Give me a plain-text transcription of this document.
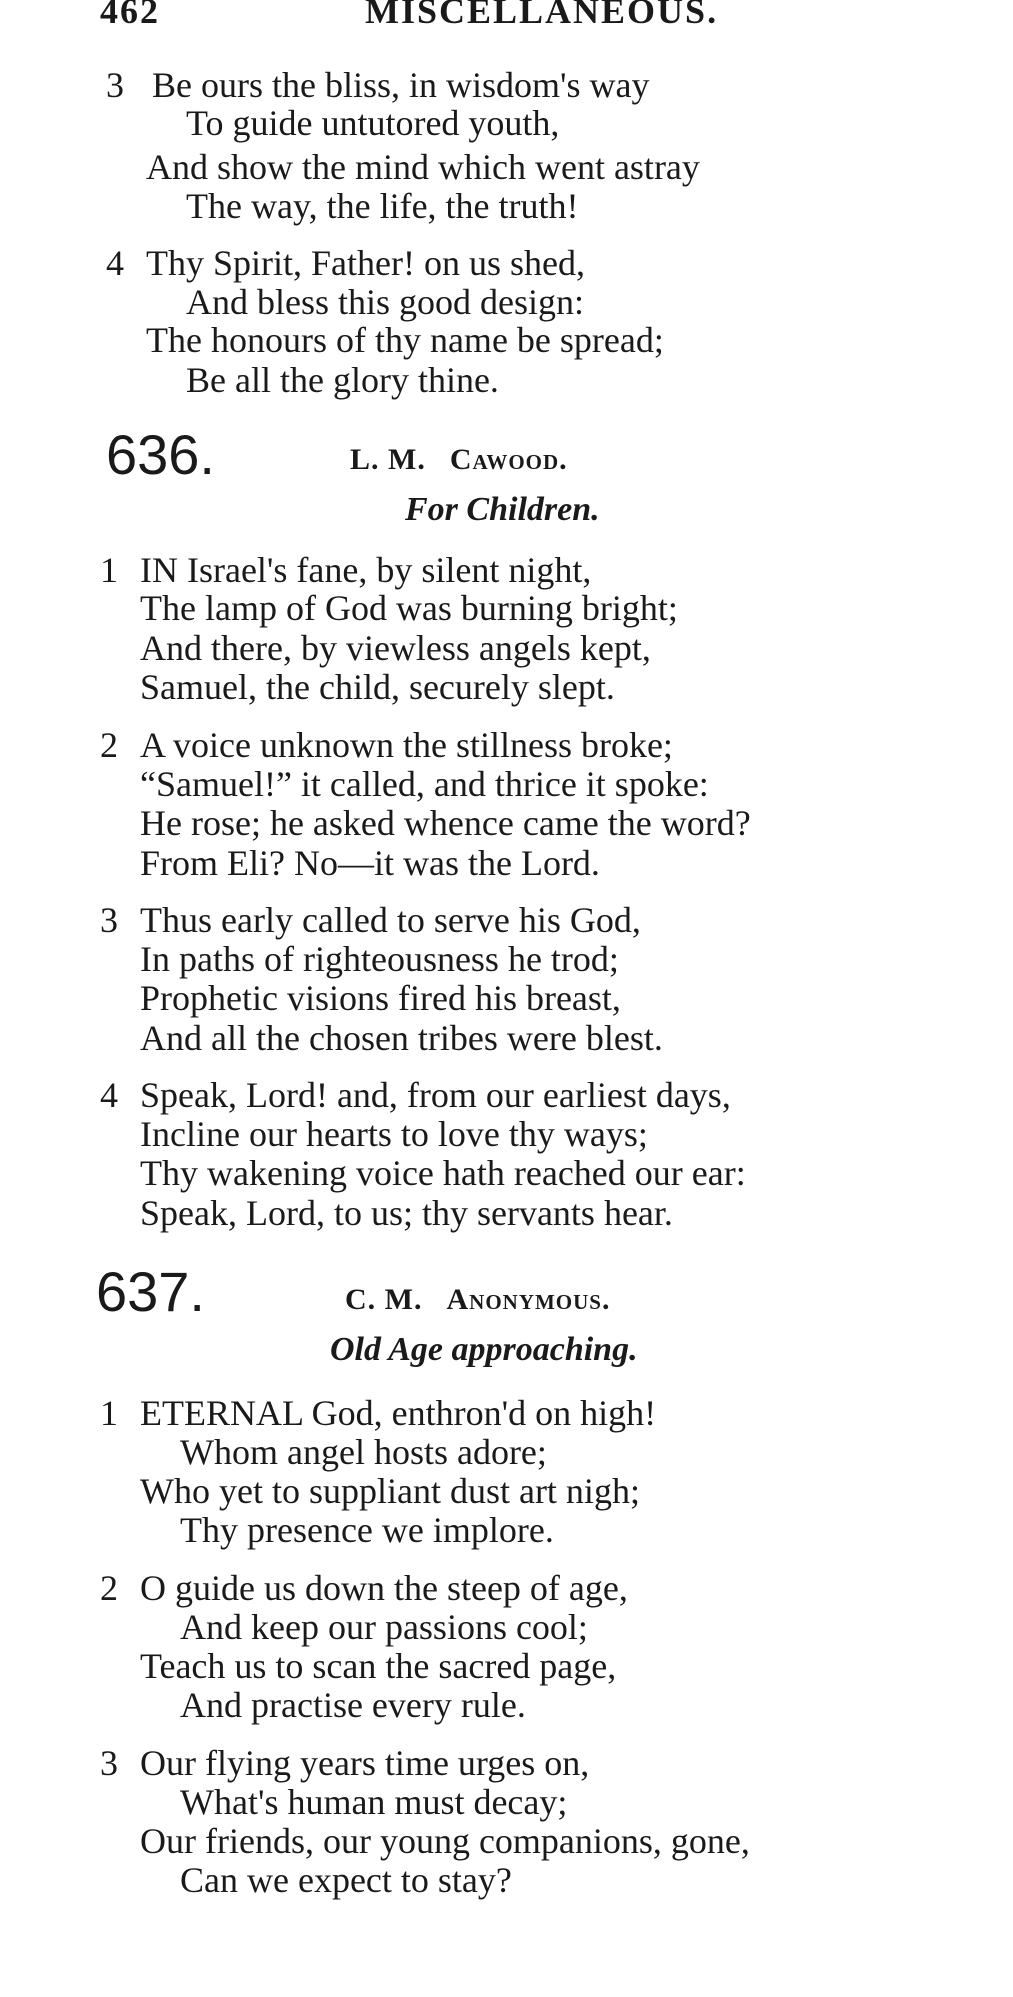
462	MISCELLANEOUS.
3 Be ours the bliss, in wisdom's way
To guide untutored youth,
And show the mind which went astray
The way, the life, the truth!
4 Thy Spirit, Father! on us shed,
And bless this good design:
The honours of thy name be spread;
Be all the glory thine.
636.	L. M. Cawood.
For Children.
1 IN Israel's fane, by silent night,
The lamp of God was burning bright;
And there, by viewless angels kept,
Samuel, the child, securely slept.
2 A voice unknown the stillness broke;
“Samuel!” it called, and thrice it spoke:
He rose; he asked whence came the word?
From Eli? No—it was the Lord.
3 Thus early called to serve his God,
In paths of righteousness he trod;
Prophetic visions fired his breast,
And all the chosen tribes were blest.
4 Speak, Lord! and, from our earliest days,
Incline our hearts to love thy ways;
Thy wakening voice hath reached our ear:
Speak, Lord, to us; thy servants hear.
637.	C. M. Anonymous.
Old Age approaching.
1 ETERNAL God, enthron'd on high!
Whom angel hosts adore;
Who yet to suppliant dust art nigh;
Thy presence we implore.
2 O guide us down the steep of age,
And keep our passions cool;
Teach us to scan the sacred page,
And practise every rule.
3 Our flying years time urges on,
What's human must decay;
Our friends, our young companions, gone,
Can we expect to stay?
